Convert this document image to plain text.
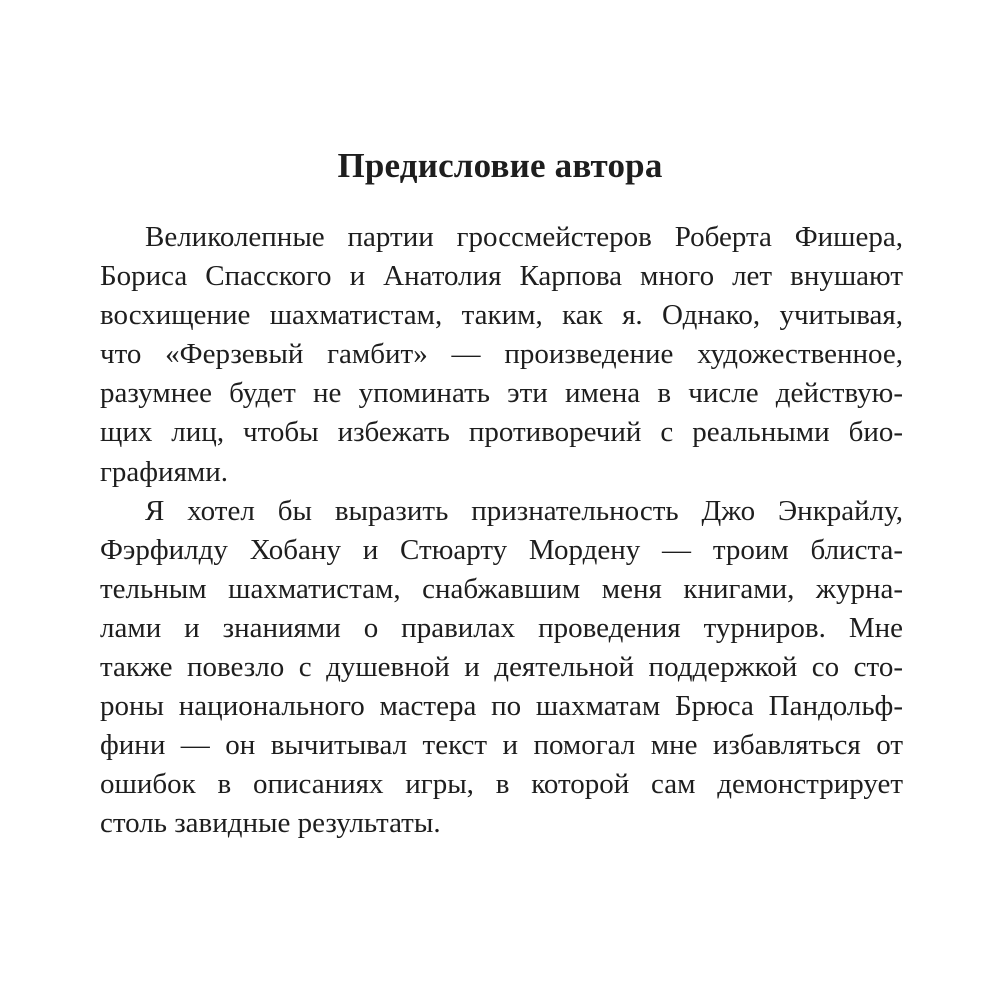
Предисловие автора
Великолепные партии гроссмейстеров Роберта Фишера,
Бориса Спасского и Анатолия Карпова много лет внушают
восхищение шахматистам, таким, как я. Однако, учитывая,
что «Ферзевый гамбит» — произведение художественное,
разумнее будет не упоминать эти имена в числе действую-
щих лиц, чтобы избежать противоречий с реальными био-
графиями.
Я хотел бы выразить признательность Джо Энкрайлу,
Фэрфилду Хобану и Стюарту Мордену — троим блиста-
тельным шахматистам, снабжавшим меня книгами, журна-
лами и знаниями о правилах проведения турниров. Мне
также повезло с душевной и деятельной поддержкой со сто-
роны национального мастера по шахматам Брюса Пандольф-
фини — он вычитывал текст и помогал мне избавляться от
ошибок в описаниях игры, в которой сам демонстрирует
столь завидные результаты.
